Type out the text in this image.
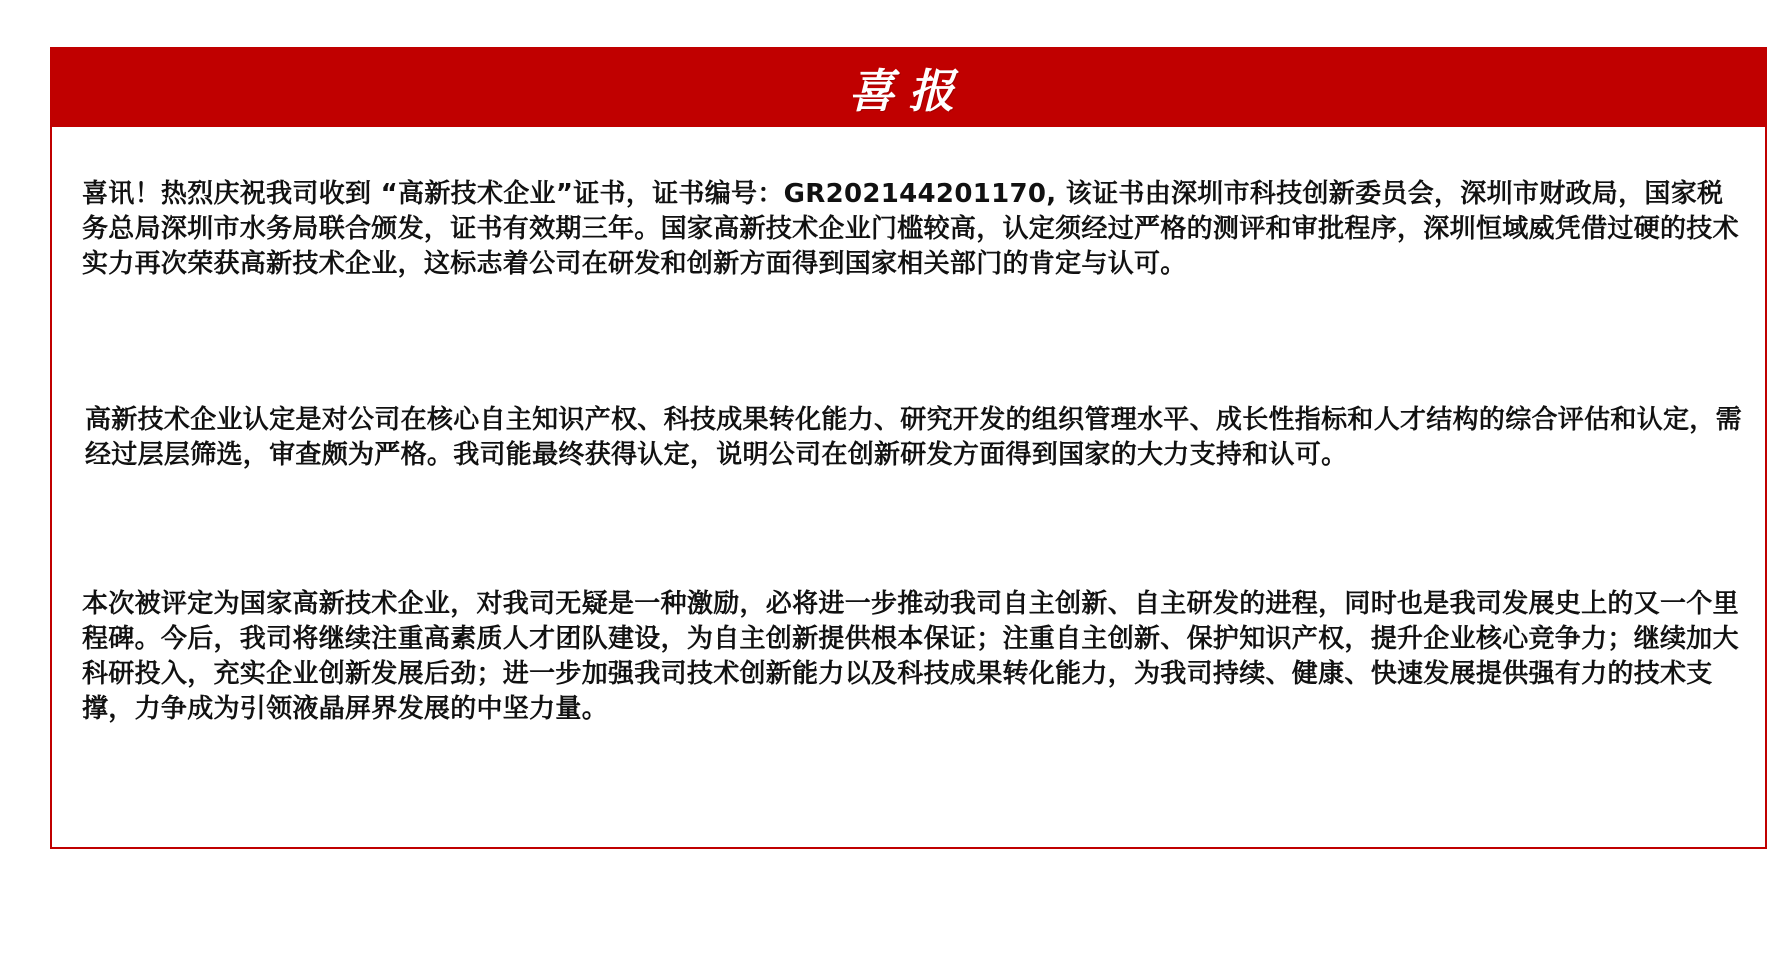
喜报

喜讯！热烈庆祝我司收到 “高新技术企业”证书，证书编号：GR202144201170, 该证书由深圳市科技创新委员会，深圳市财政局，国家税务总局深圳市水务局联合颁发，证书有效期三年。国家高新技术企业门槛较高，认定须经过严格的测评和审批程序，深圳恒域威凭借过硬的技术实力再次荣获高新技术企业，这标志着公司在研发和创新方面得到国家相关部门的肯定与认可。

高新技术企业认定是对公司在核心自主知识产权、科技成果转化能力、研究开发的组织管理水平、成长性指标和人才结构的综合评估和认定，需经过层层筛选，审查颇为严格。我司能最终获得认定，说明公司在创新研发方面得到国家的大力支持和认可。

本次被评定为国家高新技术企业，对我司无疑是一种激励，必将进一步推动我司自主创新、自主研发的进程，同时也是我司发展史上的又一个里程碑。今后，我司将继续注重高素质人才团队建设，为自主创新提供根本保证；注重自主创新、保护知识产权，提升企业核心竞争力；继续加大科研投入，充实企业创新发展后劲；进一步加强我司技术创新能力以及科技成果转化能力，为我司持续、健康、快速发展提供强有力的技术支撑，力争成为引领液晶屏界发展的中坚力量。
